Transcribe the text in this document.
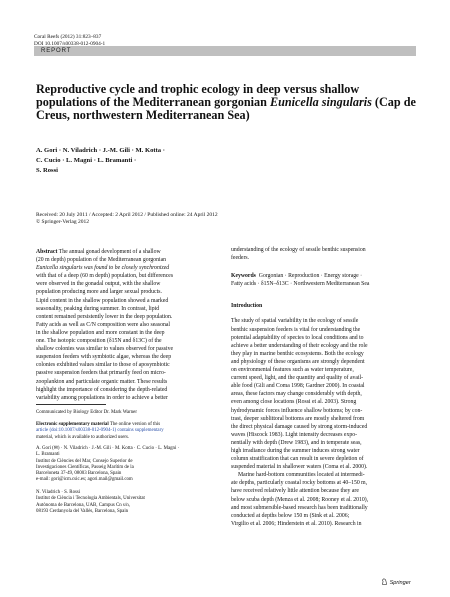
Coral Reefs (2012) 31:823–837
DOI 10.1007/s00338-012-0904-1
REPORT
Reproductive cycle and trophic ecology in deep versus shallow populations of the Mediterranean gorgonian Eunicella singularis (Cap de Creus, northwestern Mediterranean Sea)
A. Gori · N. Viladrich · J.-M. Gili · M. Kotta ·
C. Cucio · L. Magni · L. Bramanti ·
S. Rossi
Received: 20 July 2011 / Accepted: 2 April 2012 / Published online: 24 April 2012
© Springer-Verlag 2012

Abstract The annual gonad development of a shallow

(20 m depth) population of the Mediterranean gorgonian

Eunicella singularis was found to be closely synchronized

with that of a deep (60 m depth) population, but differences

were observed in the gonadal output, with the shallow

population producing more and larger sexual products.

Lipid content in the shallow population showed a marked

seasonality, peaking during summer. In contrast, lipid

content remained persistently lower in the deep population.

Fatty acids as well as C/N composition were also seasonal

in the shallow population and more constant in the deep

one. The isotopic composition (δ15N and δ13C) of the

shallow colonies was similar to values observed for passive

suspension feeders with symbiotic algae, whereas the deep

colonies exhibited values similar to those of aposymbiotic

passive suspension feeders that primarily feed on micro-

zooplankton and particulate organic matter. These results

highlight the importance of considering the depth-related

variability among populations in order to achieve a better

Communicated by Biology Editor Dr. Mark Warner

Electronic supplementary material The online version of this

article (doi:10.1007/s00338-012-0904-1) contains supplementary

material, which is available to authorized users.

A. Gori (✉) · N. Viladrich · J.-M. Gili · M. Kotta · C. Cucio · L. Magni ·

L. Bramanti

Institut de Ciències del Mar, Consejo Superior de

Investigaciones Científicas, Passeig Marítim de la

Barceloneta 37-49, 08003 Barcelona, Spain

e-mail: gori@icm.csic.es; agori.mail@gmail.com

N. Viladrich · S. Rossi

Institut de Ciència i Tecnologia Ambientals, Universitat

Autònoma de Barcelona, UAB, Campus Cn s/n,

08193 Cerdanyola del Vallès, Barcelona, Spain

understanding of the ecology of sessile benthic suspension

feeders.

Keywords Gorgonian · Reproduction · Energy storage ·

Fatty acids · δ15N–δ13C · Northwestern Mediterranean Sea

Introduction

The study of spatial variability in the ecology of sessile

benthic suspension feeders is vital for understanding the

potential adaptability of species to local conditions and to

achieve a better understanding of their ecology and the role

they play in marine benthic ecosystems. Both the ecology

and physiology of these organisms are strongly dependent

on environmental features such as water temperature,

current speed, light, and the quantity and quality of avail-

able food (Gili and Coma 1998; Gardner 2000). In coastal

areas, these factors may change considerably with depth,

even among close locations (Rossi et al. 2003). Strong

hydrodynamic forces influence shallow bottoms; by con-

trast, deeper sublittoral bottoms are mostly sheltered from

the direct physical damage caused by strong storm-induced

waves (Hiscock 1983). Light intensity decreases expo-

nentially with depth (Drew 1983), and in temperate seas,

high irradiance during the summer induces strong water

column stratification that can result in severe depletion of

suspended material in shallower waters (Coma et al. 2000).

Marine hard-bottom communities located at intermedi-

ate depths, particularly coastal rocky bottoms at 40–150 m,

have received relatively little attention because they are

below scuba depth (Menza et al. 2008; Rooney et al. 2010),

and most submersible-based research has been traditionally

conducted at depths below 150 m (Sink et al. 2006;

Virgilio et al. 2006; Hinderstein et al. 2010). Research in

Springer
